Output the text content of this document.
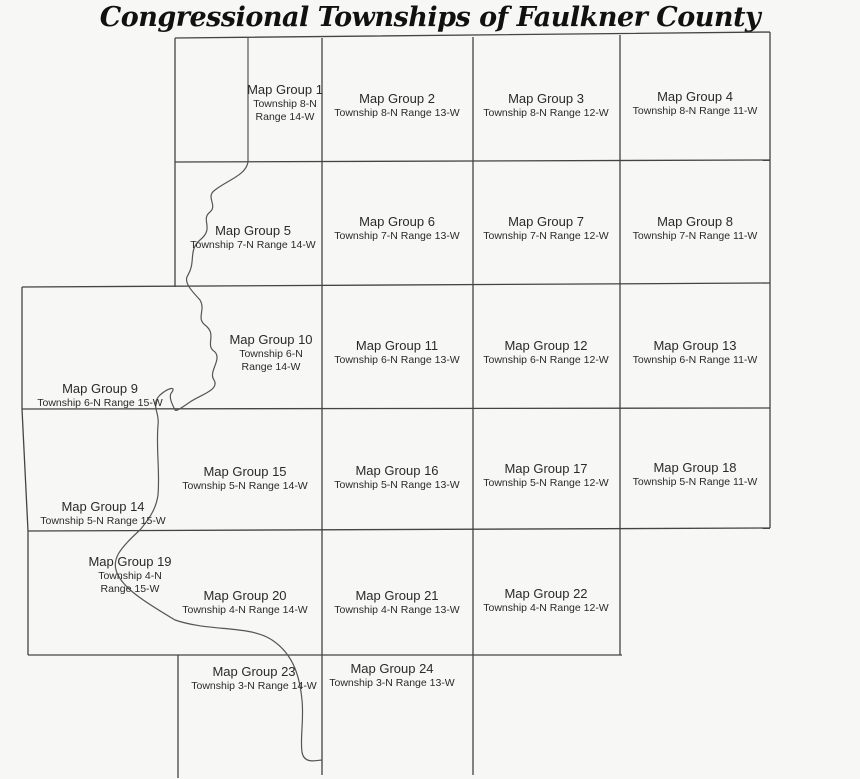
Congressional Townships of Faulkner County
Map Group 1
Township 8-N
Range 14-W
Map Group 2
Township 8-N Range 13-W
Map Group 3
Township 8-N Range 12-W
Map Group 4
Township 8-N Range 11-W
Map Group 5
Township 7-N Range 14-W
Map Group 6
Township 7-N Range 13-W
Map Group 7
Township 7-N Range 12-W
Map Group 8
Township 7-N Range 11-W
Map Group 9
Township 6-N Range 15-W
Map Group 10
Township 6-N
Range 14-W
Map Group 11
Township 6-N Range 13-W
Map Group 12
Township 6-N Range 12-W
Map Group 13
Township 6-N Range 11-W
Map Group 14
Township 5-N Range 15-W
Map Group 15
Township 5-N Range 14-W
Map Group 16
Township 5-N Range 13-W
Map Group 17
Township 5-N Range 12-W
Map Group 18
Township 5-N Range 11-W
Map Group 19
Township 4-N
Range 15-W	Map Group 20
Township 4-N Range 14-W
Map Group 21
Township 4-N Range 13-W
Map Group 22
Township 4-N Range 12-W
Map Group 23
Township 3-N Range 14-W
Map Group 24
Township 3-N Range 13-W
